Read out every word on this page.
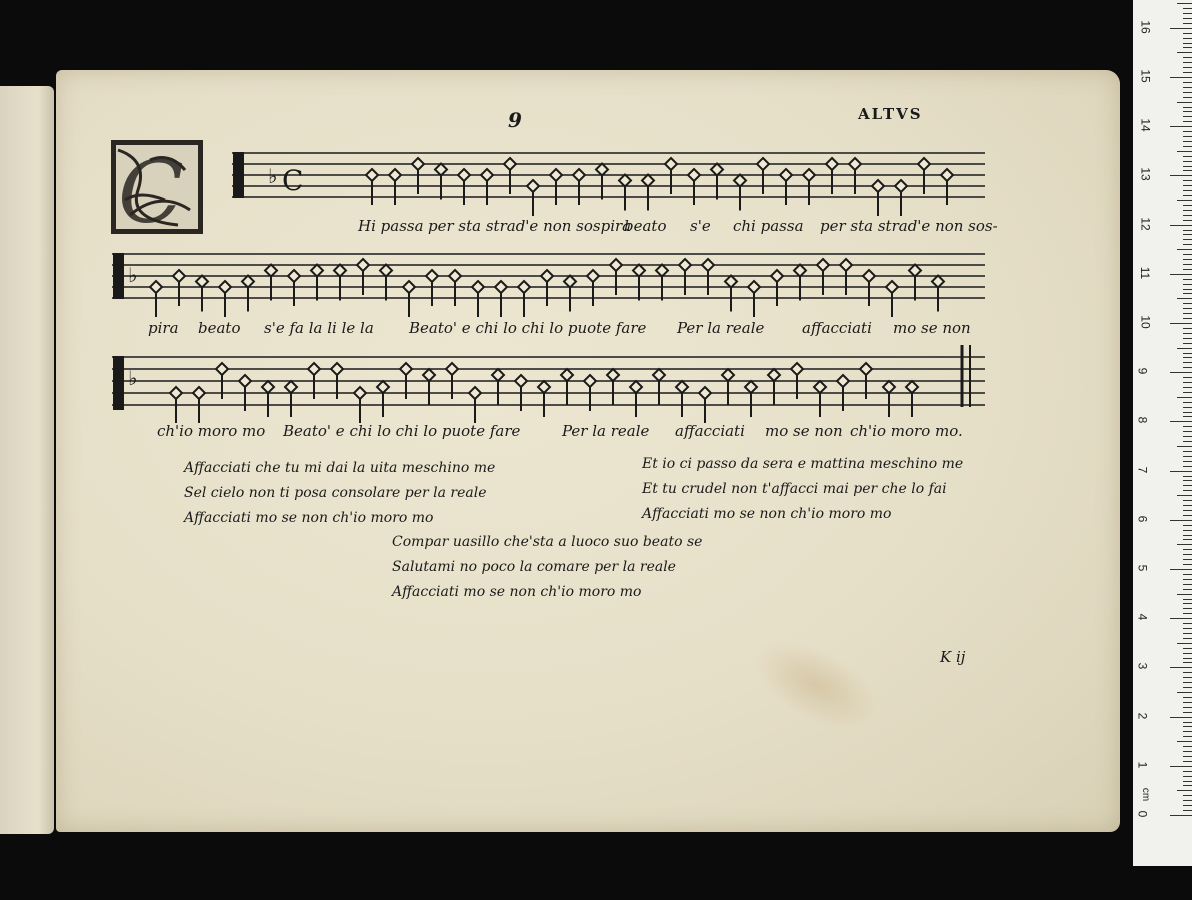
0
1
2
3
4
5
6
7
8
9
10
11
12
13
14
15
16
cm
9	ALTVS
C	C
♭
♭
♭
Hi passa per sta strad'e non sospira
beato s'e chi passa per sta strad'e non sos-
pira beato s'e fa la li le la Beato' e chi lo chi lo puote fare Per la reale	affacciati mo se non
ch'io moro mo Beato' e chi lo chi lo puote fare	Per la reale affacciati mo se non ch'io moro mo.
K ij
Affacciati che tu mi dai la uita meschino me
Sel cielo non ti posa consolare per la reale
Affacciati mo se non ch'io moro mo
Et io ci passo da sera e mattina meschino me
Et tu crudel non t'affacci mai per che lo fai
Affacciati mo se non ch'io moro mo
Compar uasillo che'sta a luoco suo beato se
Salutami no poco la comare per la reale
Affacciati mo se non ch'io moro mo
